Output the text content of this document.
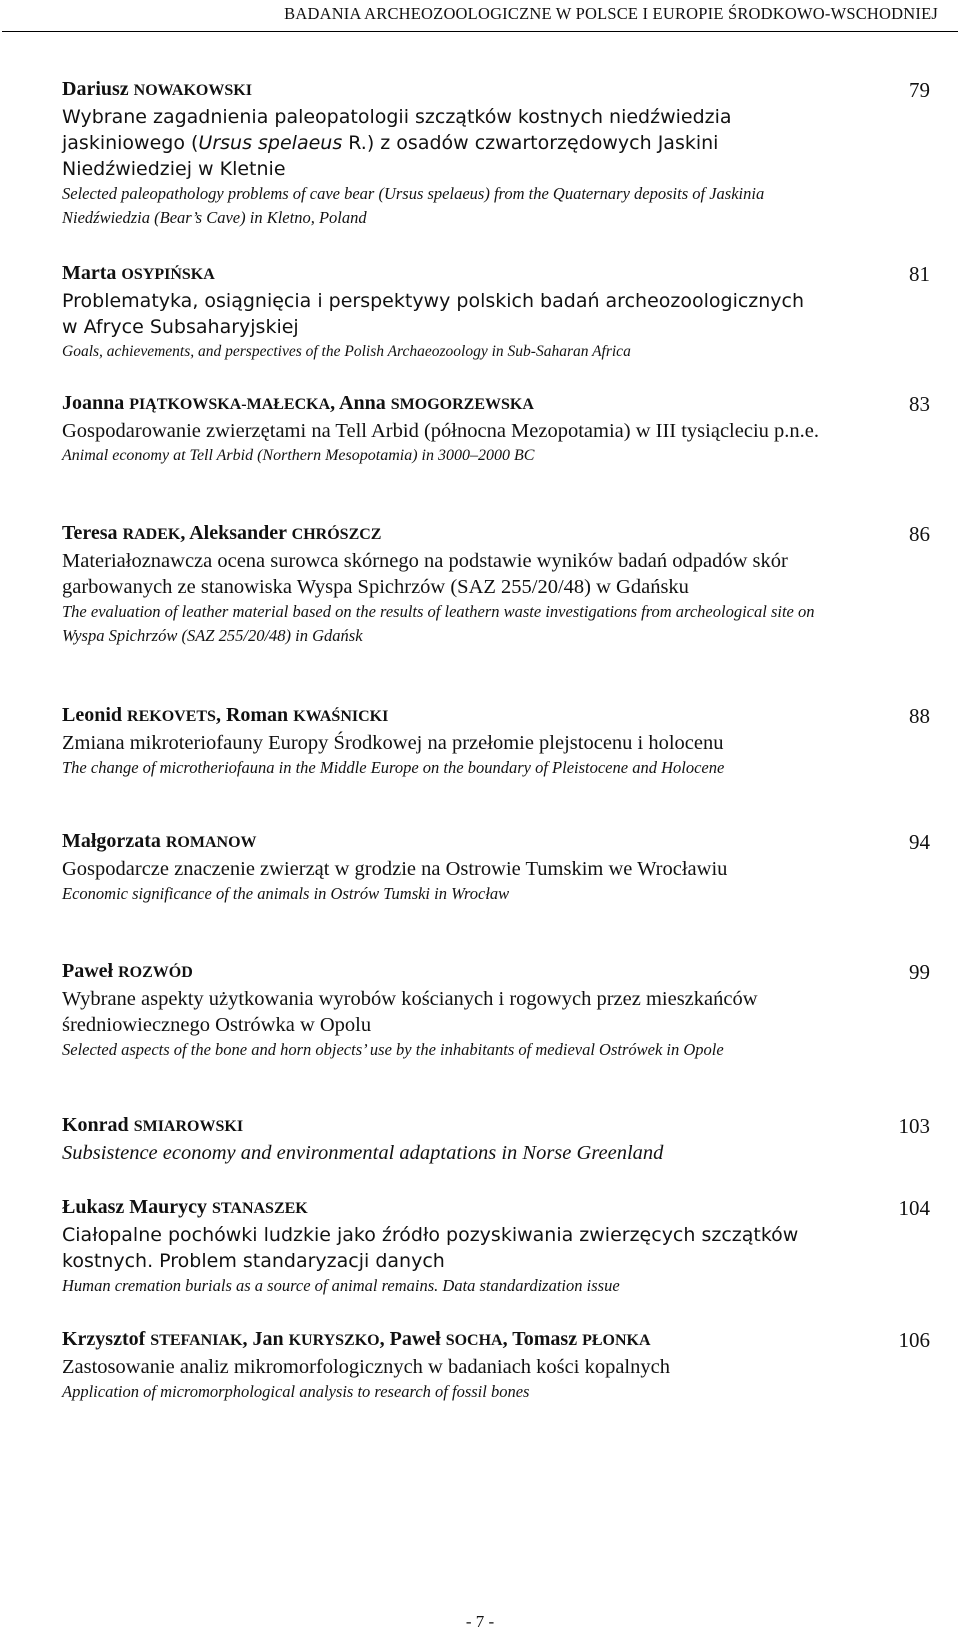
BADANIA ARCHEOZOOLOGICZNE W POLSCE I EUROPIE ŚRODKOWO-WSCHODNIEJ
Dariusz NOWAKOWSKI
Wybrane zagadnienia paleopatologii szczątków kostnych niedźwiedzia jaskiniowego (Ursus spelaeus R.) z osadów czwartorzędowych Jaskini Niedźwiedziej w Kletnie
Selected paleopathology problems of cave bear (Ursus spelaeus) from the Quaternary deposits of Jaskinia Niedźwiedzia (Bear’s Cave) in Kletno, Poland
79
Marta OSYPIŃSKA
Problematyka, osiągnięcia i perspektywy polskich badań archeozoologicznych w Afryce Subsaharyjskiej
Goals, achievements, and perspectives of the Polish Archaeozoology in Sub-Saharan Africa
81
Joanna PIĄTKOWSKA-MAŁECKA, Anna SMOGORZEWSKA
Gospodarowanie zwierzętami na Tell Arbid (północna Mezopotamia) w III tysiącleciu p.n.e.
Animal economy at Tell Arbid (Northern Mesopotamia) in 3000–2000 BC
83
Teresa RADEK, Aleksander CHRÓSZCZ
Materiałoznawcza ocena surowca skórnego na podstawie wyników badań odpadów skór garbowanych ze stanowiska Wyspa Spichrzów (SAZ 255/20/48) w Gdańsku
The evaluation of leather material based on the results of leathern waste investigations from archeological site on Wyspa Spichrzów (SAZ 255/20/48) in Gdańsk
86
Leonid REKOVETS, Roman KWAŚNICKI
Zmiana mikroteriofauny Europy Środkowej na przełomie plejstocenu i holocenu
The change of microtheriofauna in the Middle Europe on the boundary of Pleistocene and Holocene
88
Małgorzata ROMANOW
Gospodarcze znaczenie zwierząt w grodzie na Ostrowie Tumskim we Wrocławiu
Economic significance of the animals in Ostrów Tumski in Wrocław
94
Paweł ROZWÓD
Wybrane aspekty użytkowania wyrobów kościanych i rogowych przez mieszkańców średniowiecznego Ostrówka w Opolu
Selected aspects of the bone and horn objects’ use by the inhabitants of medieval Ostrówek in Opole
99
Konrad SMIAROWSKI
Subsistence economy and environmental adaptations in Norse Greenland
103
Łukasz Maurycy STANASZEK
Ciałopalne pochówki ludzkie jako źródło pozyskiwania zwierzęcych szczątków kostnych. Problem standaryzacji danych
Human cremation burials as a source of animal remains. Data standardization issue
104
Krzysztof STEFANIAK, Jan KURYSZKO, Paweł SOCHA, Tomasz PŁONKA
Zastosowanie analiz mikromorfologicznych w badaniach kości kopalnych
Application of micromorphological analysis to research of fossil bones
106
- 7 -
